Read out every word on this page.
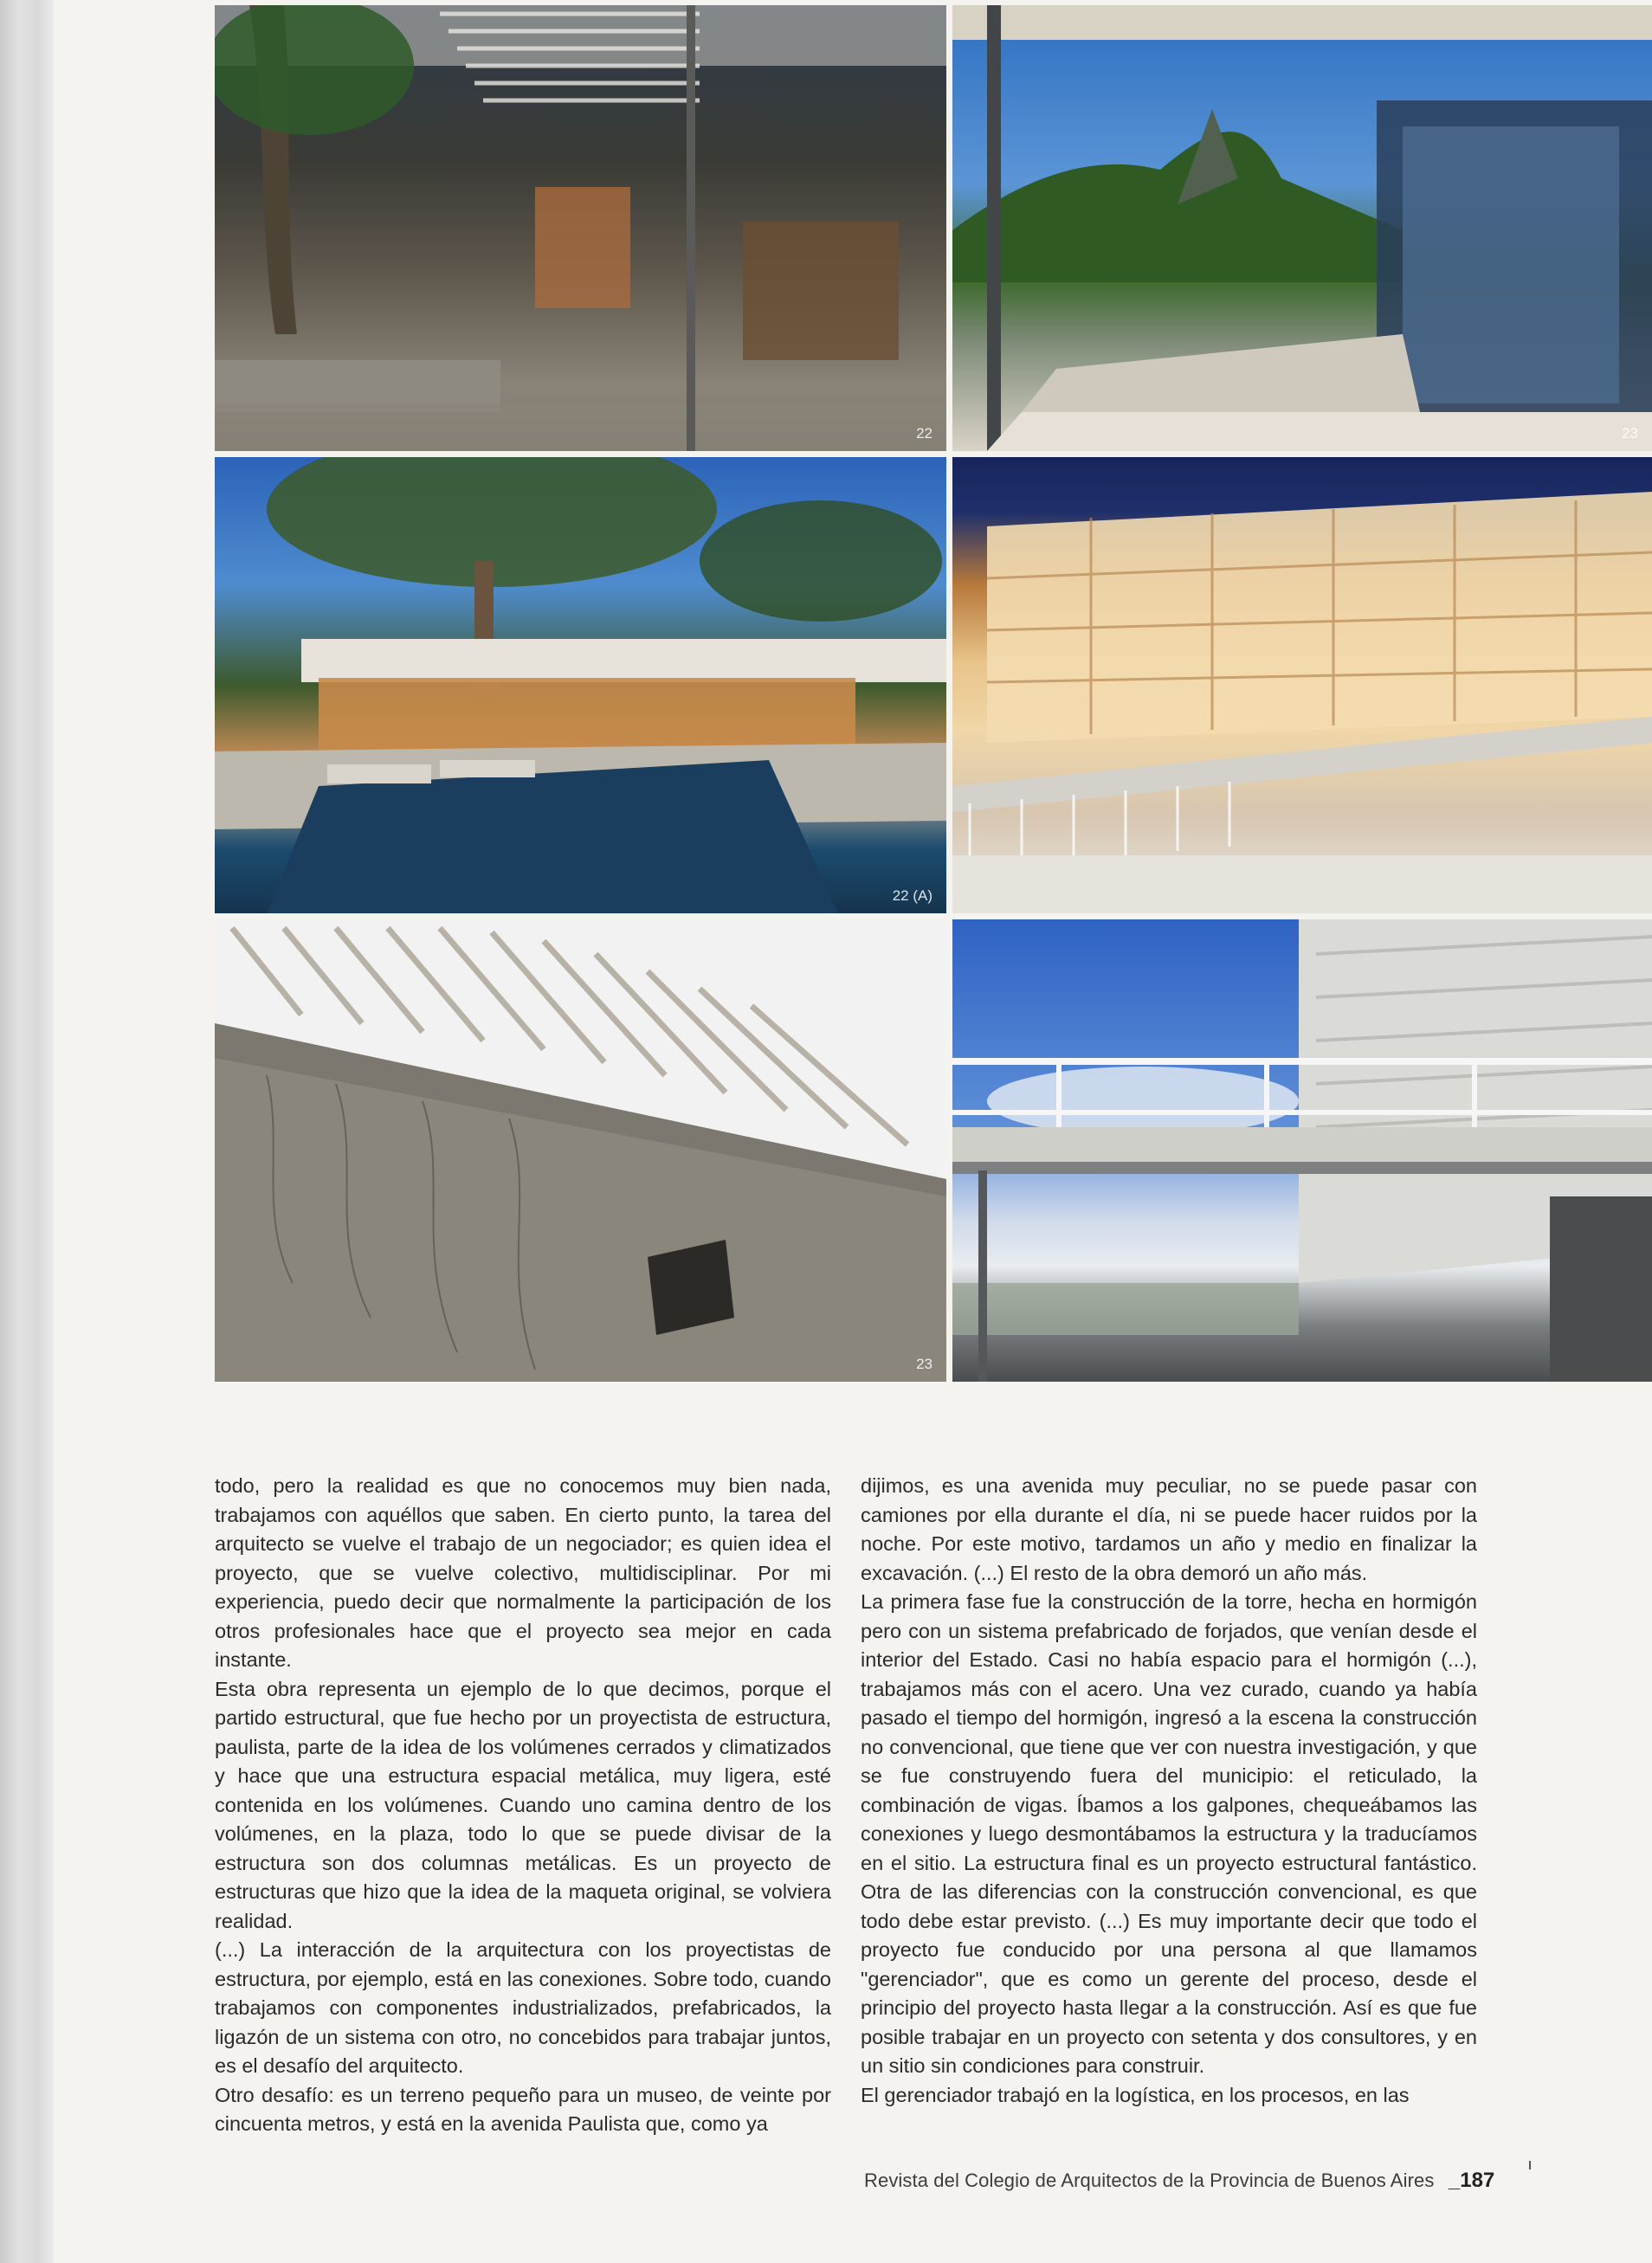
22	23
22 (A)
23

todo, pero la realidad es que no conocemos muy bien nada, trabajamos con aquéllos que saben. En cierto punto, la tarea del arquitecto se vuelve el trabajo de un negociador; es quien idea el proyecto, que se vuelve colectivo, multidisciplinar. Por mi experiencia, puedo decir que normalmente la participación de los otros profesionales hace que el proyecto sea mejor en cada instante.

Esta obra representa un ejemplo de lo que decimos, porque el partido estructural, que fue hecho por un proyectista de estructura, paulista, parte de la idea de los volúmenes cerrados y climatizados y hace que una estructura espacial metálica, muy ligera, esté contenida en los volúmenes. Cuando uno camina dentro de los volúmenes, en la plaza, todo lo que se puede divisar de la estructura son dos columnas metálicas. Es un proyecto de estructuras que hizo que la idea de la maqueta original, se volviera realidad.

(...) La interacción de la arquitectura con los proyectistas de estructura, por ejemplo, está en las conexiones. Sobre todo, cuando trabajamos con componentes industrializados, prefabricados, la ligazón de un sistema con otro, no concebidos para trabajar juntos, es el desafío del arquitecto.

Otro desafío: es un terreno pequeño para un museo, de veinte por cincuenta metros, y está en la avenida Paulista que, como ya

dijimos, es una avenida muy peculiar, no se puede pasar con camiones por ella durante el día, ni se puede hacer ruidos por la noche. Por este motivo, tardamos un año y medio en finalizar la excavación. (...) El resto de la obra demoró un año más.

La primera fase fue la construcción de la torre, hecha en hormigón pero con un sistema prefabricado de forjados, que venían desde el interior del Estado. Casi no había espacio para el hormigón (...), trabajamos más con el acero. Una vez curado, cuando ya había pasado el tiempo del hormigón, ingresó a la escena la construcción no convencional, que tiene que ver con nuestra investigación, y que se fue construyendo fuera del municipio: el reticulado, la combinación de vigas. Íbamos a los galpones, chequeábamos las conexiones y luego desmontábamos la estructura y la traducíamos en el sitio. La estructura final es un proyecto estructural fantástico. Otra de las diferencias con la construcción convencional, es que todo debe estar previsto. (...) Es muy importante decir que todo el proyecto fue conducido por una persona al que llamamos "gerenciador", que es como un gerente del proceso, desde el principio del proyecto hasta llegar a la construcción. Así es que fue posible trabajar en un proyecto con setenta y dos consultores, y en un sitio sin condiciones para construir.

El gerenciador trabajó en la logística, en los procesos, en las

Revista del Colegio de Arquitectos de la Provincia de Buenos Aires _187
